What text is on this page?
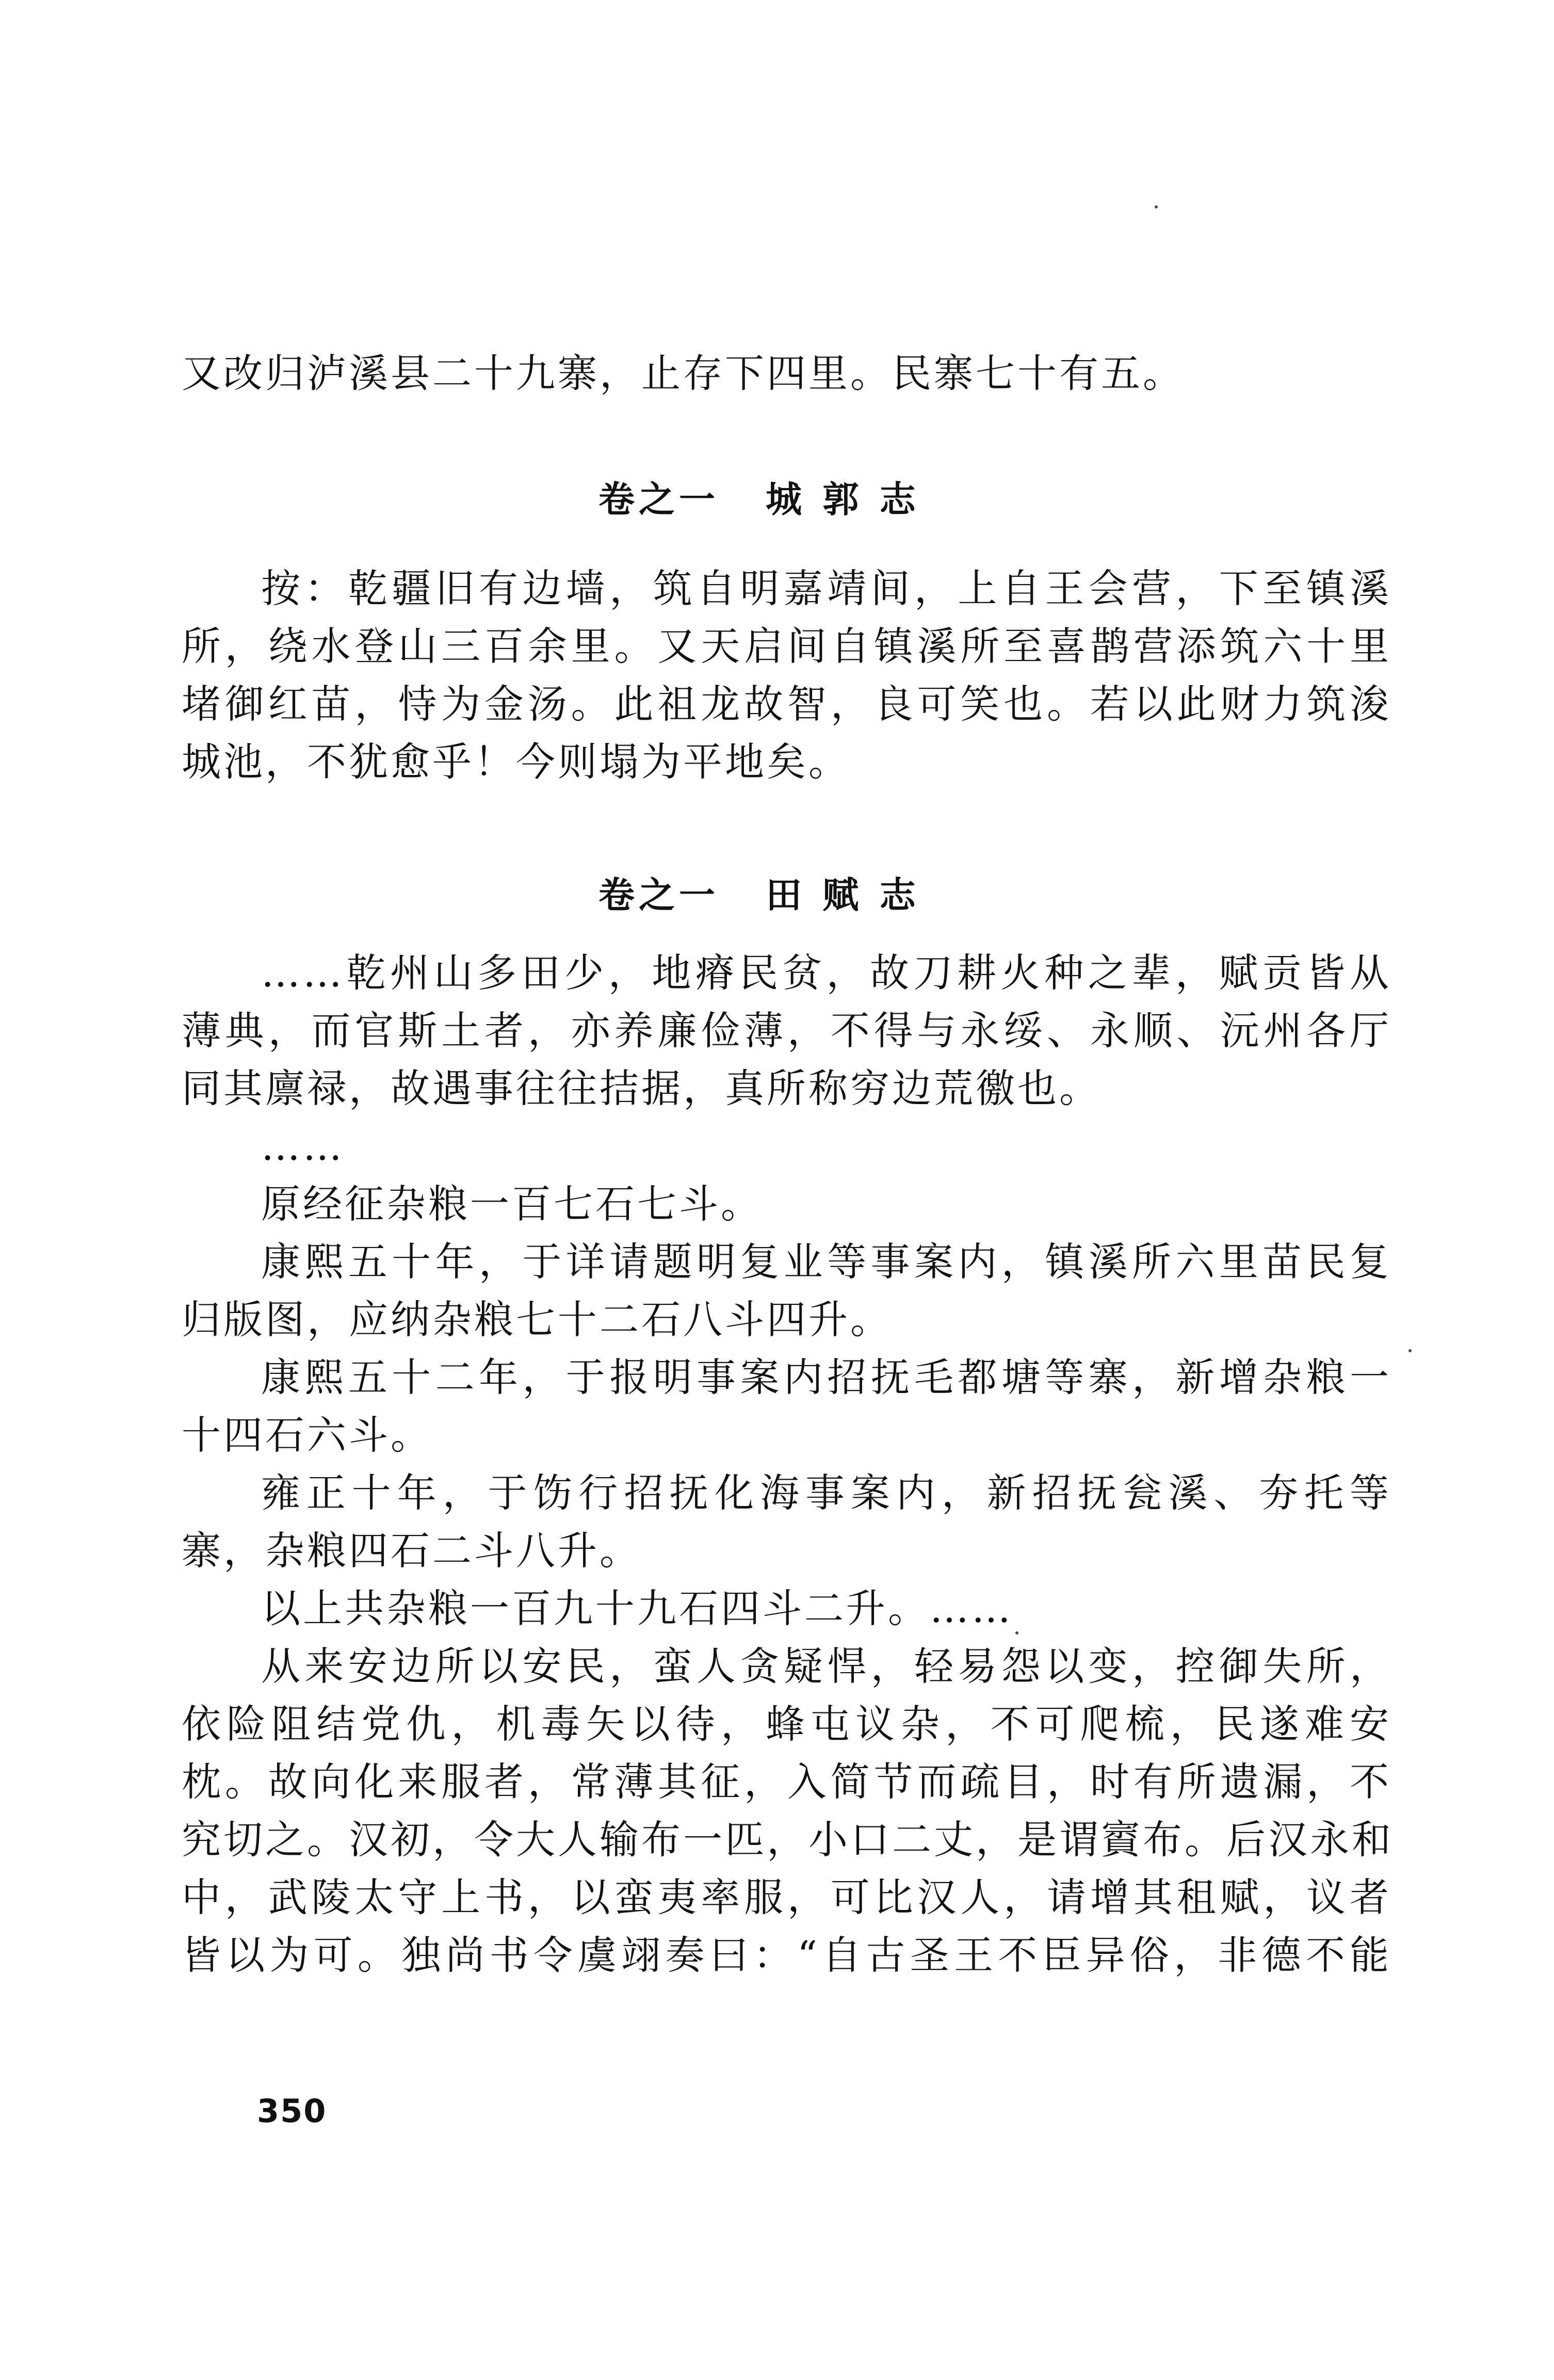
又改归泸溪县二十九寨，止存下四里。民寨七十有五。

卷之一 城 郭 志

按：乾疆旧有边墙，筑自明嘉靖间，上自王会营，下至镇溪

所，绕水登山三百余里。又天启间自镇溪所至喜鹊营添筑六十里

堵御红苗，恃为金汤。此祖龙故智，良可笑也。若以此财力筑浚

城池，不犹愈乎！今则塌为平地矣。

卷之一 田 赋 志

……乾州山多田少，地瘠民贫，故刀耕火种之辈，赋贡皆从

薄典，而官斯土者，亦养廉俭薄，不得与永绥、永顺、沅州各厅

同其廪禄，故遇事往往拮据，真所称穷边荒徼也。

……

原经征杂粮一百七石七斗。

康熙五十年，于详请题明复业等事案内，镇溪所六里苗民复

归版图，应纳杂粮七十二石八斗四升。

康熙五十二年，于报明事案内招抚毛都塘等寨，新增杂粮一

十四石六斗。

雍正十年，于饬行招抚化海事案内，新招抚瓮溪、夯托等

寨，杂粮四石二斗八升。

以上共杂粮一百九十九石四斗二升。……

从来安边所以安民，蛮人贪疑悍，轻易怨以变，控御失所，

依险阻结党仇，机毒矢以待，蜂屯议杂，不可爬梳，民遂难安

枕。故向化来服者，常薄其征，入简节而疏目，时有所遗漏，不

究切之。汉初，令大人输布一匹，小口二丈，是谓賨布。后汉永和

中，武陵太守上书，以蛮夷率服，可比汉人，请增其租赋，议者

皆以为可。独尚书令虞翊奏曰：“自古圣王不臣异俗，非德不能

350
